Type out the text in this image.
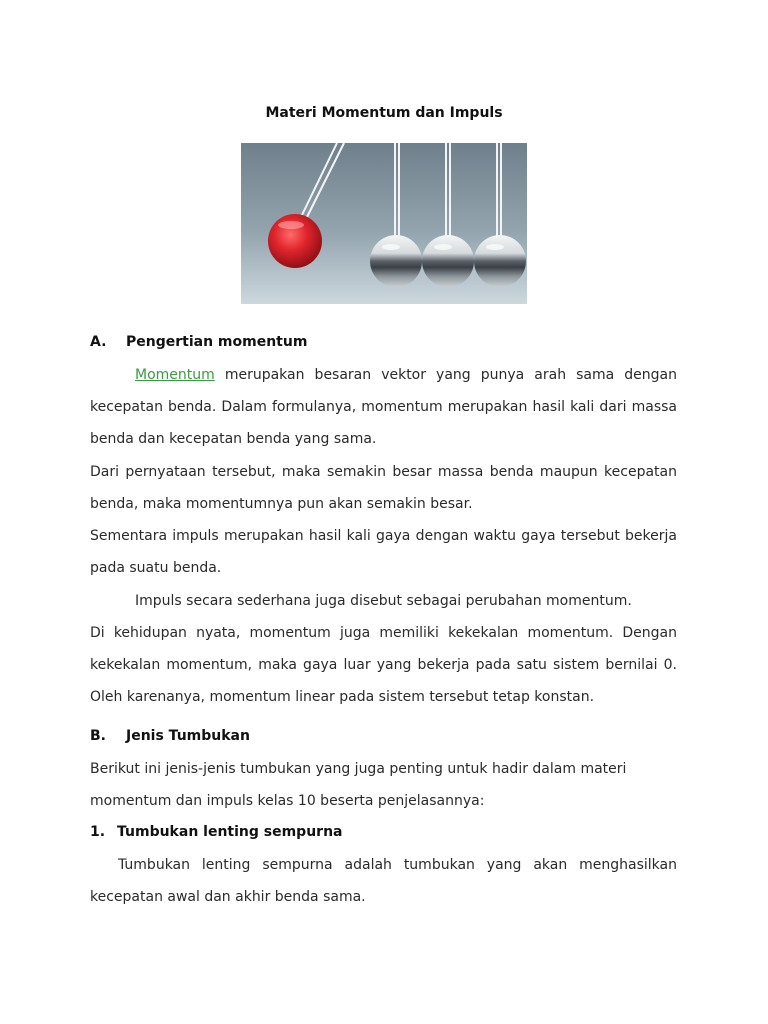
Materi Momentum dan Impuls
A. Pengertian momentum
Momentum merupakan besaran vektor yang punya arah sama dengan kecepatan benda. Dalam formulanya, momentum merupakan hasil kali dari massa benda dan kecepatan benda yang sama.
Dari pernyataan tersebut, maka semakin besar massa benda maupun kecepatan benda, maka momentumnya pun akan semakin besar.
Sementara impuls merupakan hasil kali gaya dengan waktu gaya tersebut bekerja pada suatu benda.
Impuls secara sederhana juga disebut sebagai perubahan momentum.
Di kehidupan nyata, momentum juga memiliki kekekalan momentum. Dengan kekekalan momentum, maka gaya luar yang bekerja pada satu sistem bernilai 0. Oleh karenanya, momentum linear pada sistem tersebut tetap konstan.
B. Jenis Tumbukan
Berikut ini jenis-jenis tumbukan yang juga penting untuk hadir dalam materi
momentum dan impuls kelas 10 beserta penjelasannya:
1. Tumbukan lenting sempurna
Tumbukan lenting sempurna adalah tumbukan yang akan menghasilkan kecepatan awal dan akhir benda sama.
